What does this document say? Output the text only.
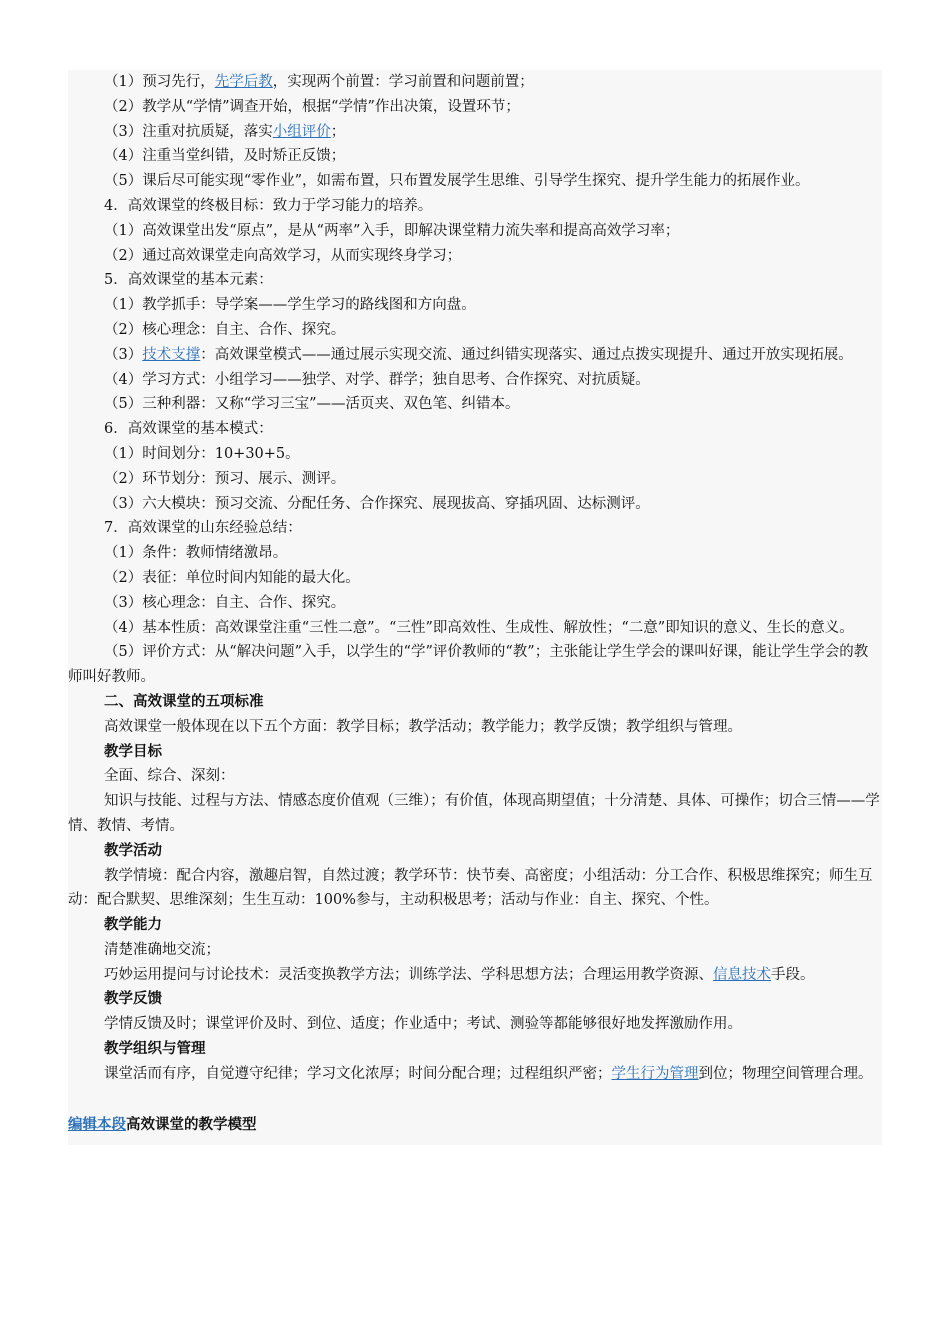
（1）预习先行，先学后教，实现两个前置：学习前置和问题前置；

（2）教学从“学情”调查开始，根据“学情”作出决策，设置环节；

（3）注重对抗质疑，落实小组评价；

（4）注重当堂纠错，及时矫正反馈；

（5）课后尽可能实现“零作业”，如需布置，只布置发展学生思维、引导学生探究、提升学生能力的拓展作业。

4．高效课堂的终极目标：致力于学习能力的培养。

（1）高效课堂出发“原点”，是从“两率”入手，即解决课堂精力流失率和提高高效学习率；

（2）通过高效课堂走向高效学习，从而实现终身学习；

5．高效课堂的基本元素：

（1）教学抓手：导学案——学生学习的路线图和方向盘。

（2）核心理念：自主、合作、探究。

（3）技术支撑：高效课堂模式——通过展示实现交流、通过纠错实现落实、通过点拨实现提升、通过开放实现拓展。

（4）学习方式：小组学习——独学、对学、群学；独自思考、合作探究、对抗质疑。

（5）三种利器：又称“学习三宝”——活页夹、双色笔、纠错本。

6．高效课堂的基本模式：

（1）时间划分：10+30+5。

（2）环节划分：预习、展示、测评。

（3）六大模块：预习交流、分配任务、合作探究、展现拔高、穿插巩固、达标测评。

7．高效课堂的山东经验总结：

（1）条件：教师情绪激昂。

（2）表征：单位时间内知能的最大化。

（3）核心理念：自主、合作、探究。

（4）基本性质：高效课堂注重“三性二意”。“三性”即高效性、生成性、解放性；“二意”即知识的意义、生长的意义。

（5）评价方式：从“解决问题”入手，以学生的“学”评价教师的“教”；主张能让学生学会的课叫好课，能让学生学会的教师叫好教师。

二、高效课堂的五项标准

高效课堂一般体现在以下五个方面：教学目标；教学活动；教学能力；教学反馈；教学组织与管理。

教学目标

全面、综合、深刻：

知识与技能、过程与方法、情感态度价值观（三维）；有价值，体现高期望值；十分清楚、具体、可操作；切合三情——学情、教情、考情。

教学活动

教学情境：配合内容，激趣启智，自然过渡；教学环节：快节奏、高密度；小组活动：分工合作、积极思维探究；师生互动：配合默契、思维深刻；生生互动：100%参与，主动积极思考；活动与作业：自主、探究、个性。

教学能力

清楚准确地交流；

巧妙运用提问与讨论技术：灵活变换教学方法；训练学法、学科思想方法；合理运用教学资源、信息技术手段。

教学反馈

学情反馈及时；课堂评价及时、到位、适度；作业适中；考试、测验等都能够很好地发挥激励作用。

教学组织与管理

课堂活而有序，自觉遵守纪律；学习文化浓厚；时间分配合理；过程组织严密；学生行为管理到位；物理空间管理合理。

编辑本段高效课堂的教学模型
